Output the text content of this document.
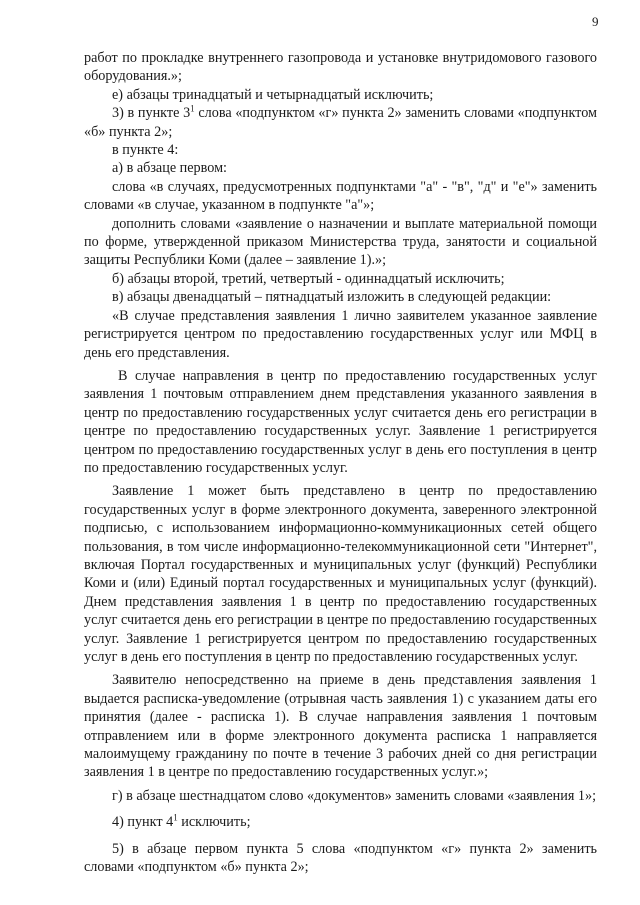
9

работ по прокладке внутреннего газопровода и установке внутридомового газового оборудования.»;

е) абзацы тринадцатый и четырнадцатый исключить;

3) в пункте $3^1$ слова «подпунктом «г» пункта 2» заменить словами «подпунктом «б» пункта 2»;

в пункте 4:

а) в абзаце первом:

слова «в случаях, предусмотренных подпунктами "а" - "в", "д" и "е"» заменить словами «в случае, указанном в подпункте "а"»;

дополнить словами «заявление о назначении и выплате материальной помощи по форме, утвержденной приказом Министерства труда, занятости и социальной защиты Республики Коми (далее – заявление 1).»;

б) абзацы второй, третий, четвертый - одиннадцатый исключить;

в) абзацы двенадцатый – пятнадцатый изложить в следующей редакции:

«В случае представления заявления 1 лично заявителем указанное заявление регистрируется центром по предоставлению государственных услуг или МФЦ в день его представления.

В случае направления в центр по предоставлению государственных услуг заявления 1 почтовым отправлением днем представления указанного заявления в центр по предоставлению государственных услуг считается день его регистрации в центре по предоставлению государственных услуг. Заявление 1 регистрируется центром по предоставлению государственных услуг в день его поступления в центр по предоставлению государственных услуг.

Заявление 1 может быть представлено в центр по предоставлению государственных услуг в форме электронного документа, заверенного электронной подписью, с использованием информационно-коммуникационных сетей общего пользования, в том числе информационно-телекоммуникационной сети "Интернет", включая Портал государственных и муниципальных услуг (функций) Республики Коми и (или) Единый портал государственных и муниципальных услуг (функций). Днем представления заявления 1 в центр по предоставлению государственных услуг считается день его регистрации в центре по предоставлению государственных услуг. Заявление 1 регистрируется центром по предоставлению государственных услуг в день его поступления в центр по предоставлению государственных услуг.

Заявителю непосредственно на приеме в день представления заявления 1 выдается расписка-уведомление (отрывная часть заявления 1) с указанием даты его принятия (далее - расписка 1). В случае направления заявления 1 почтовым отправлением или в форме электронного документа расписка 1 направляется малоимущему гражданину по почте в течение 3 рабочих дней со дня регистрации заявления 1 в центре по предоставлению государственных услуг.»;

г) в абзаце шестнадцатом слово «документов» заменить словами «заявления 1»;

4) пункт $4^1$ исключить;

5) в абзаце первом пункта 5 слова «подпунктом «г» пункта 2» заменить словами «подпунктом «б» пункта 2»;
